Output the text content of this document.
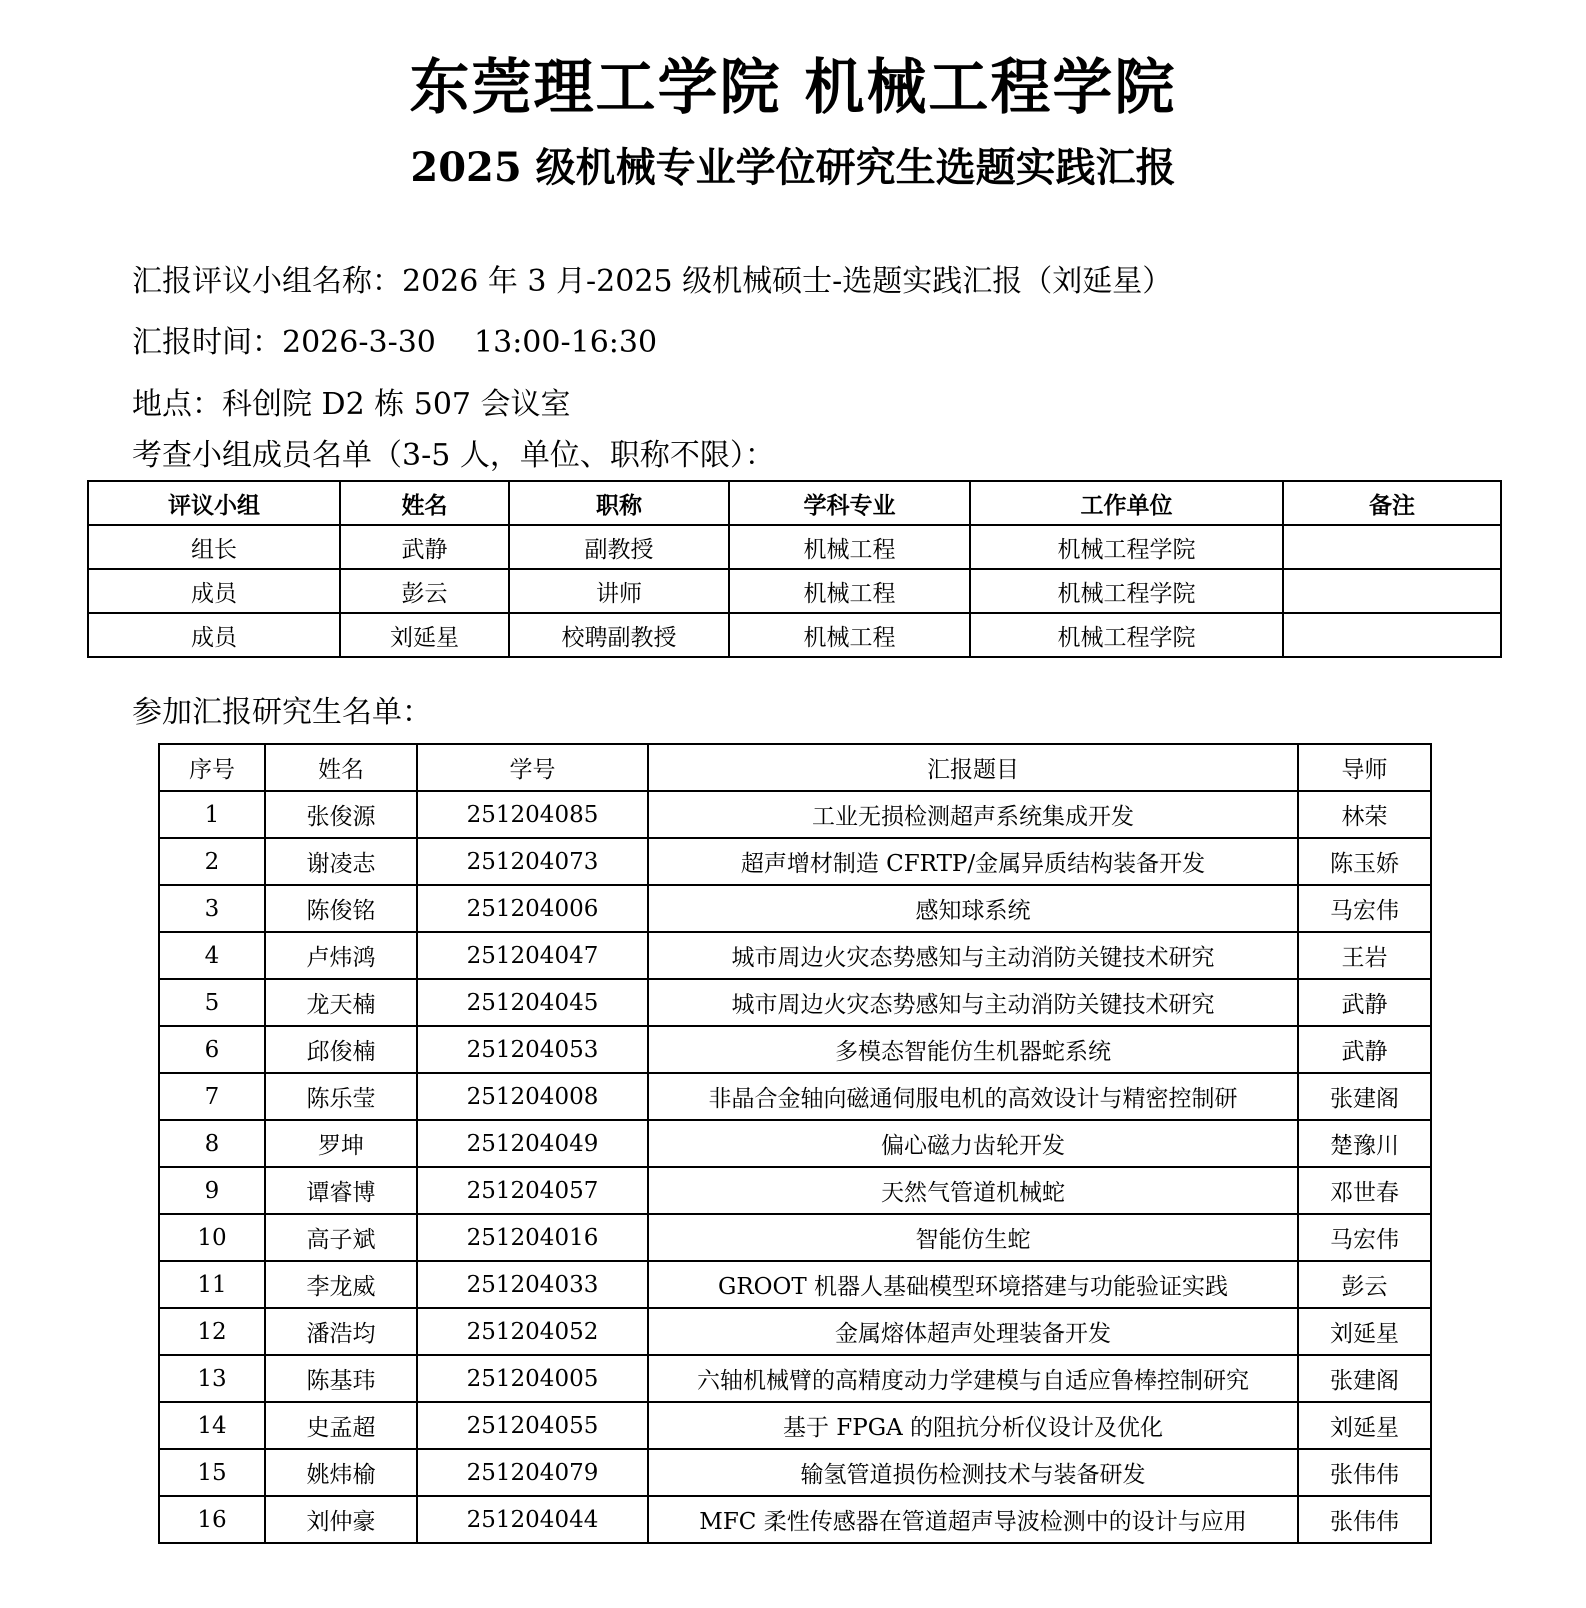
东莞理工学院 机械工程学院
2025 级机械专业学位研究生选题实践汇报
汇报评议小组名称：2026 年 3 月-2025 级机械硕士-选题实践汇报（刘延星）
汇报时间：2026-3-30    13:00-16:30
地点：科创院 D2 栋 507 会议室
考查小组成员名单（3-5 人，单位、职称不限）：
评议小组	姓名	职称	学科专业	工作单位	备注
组长	武静	副教授	机械工程	机械工程学院	
成员	彭云	讲师	机械工程	机械工程学院	
成员	刘延星	校聘副教授	机械工程	机械工程学院	
参加汇报研究生名单：
序号	姓名	学号	汇报题目	导师
1	张俊源	251204085	工业无损检测超声系统集成开发	林荣
2	谢凌志	251204073	超声增材制造 CFRTP/金属异质结构装备开发	陈玉娇
3	陈俊铭	251204006	感知球系统	马宏伟
4	卢炜鸿	251204047	城市周边火灾态势感知与主动消防关键技术研究	王岩
5	龙天楠	251204045	城市周边火灾态势感知与主动消防关键技术研究	武静
6	邱俊楠	251204053	多模态智能仿生机器蛇系统	武静
7	陈乐莹	251204008	非晶合金轴向磁通伺服电机的高效设计与精密控制研	张建阁
8	罗坤	251204049	偏心磁力齿轮开发	楚豫川
9	谭睿博	251204057	天然气管道机械蛇	邓世春
10	高子斌	251204016	智能仿生蛇	马宏伟
11	李龙威	251204033	GROOT 机器人基础模型环境搭建与功能验证实践	彭云
12	潘浩均	251204052	金属熔体超声处理装备开发	刘延星
13	陈基玮	251204005	六轴机械臂的高精度动力学建模与自适应鲁棒控制研究	张建阁
14	史孟超	251204055	基于 FPGA 的阻抗分析仪设计及优化	刘延星
15	姚炜榆	251204079	输氢管道损伤检测技术与装备研发	张伟伟
16	刘仲豪	251204044	MFC 柔性传感器在管道超声导波检测中的设计与应用	张伟伟
